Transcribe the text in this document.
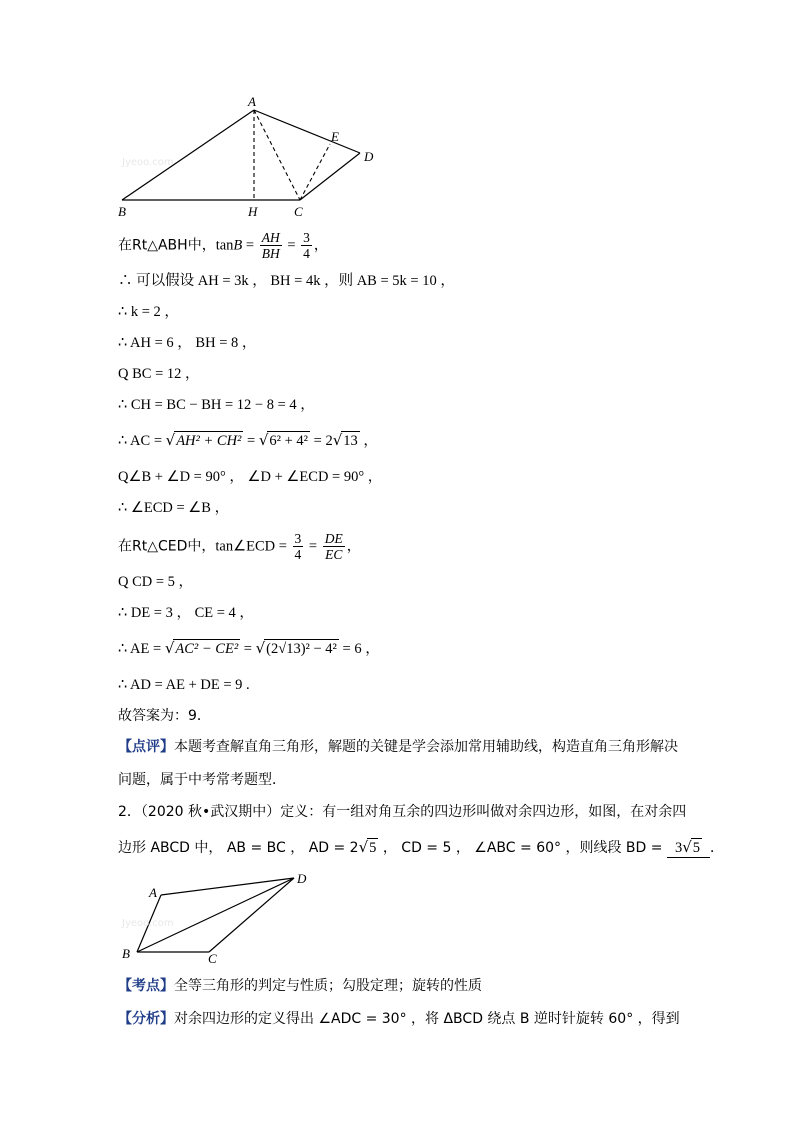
A
B	H	C
D
E
Jyeoo.com
在Rt△ABH中，$\tan B = \frac{AH}{BH} = \frac{3}{4}$ ，
∴ 可以假设 AH = 3k ， BH = 4k ，则 AB = 5k = 10 ，
∴ k = 2 ，
∴ AH = 6 ， BH = 8 ，
Q BC = 12 ，
∴ CH = BC − BH = 12 − 8 = 4 ，
∴ AC = √AH² + CH² = √6² + 4² = 2√13 ，
Q∠B + ∠D = 90° ， ∠D + ∠ECD = 90° ，
∴ ∠ECD = ∠B ，
在Rt△CED中，tan∠ECD = $\frac{3}{4} = \frac{DE}{EC}$ ，
Q CD = 5 ，
∴ DE = 3 ， CE = 4 ，
∴ AE = √AC² − CE² = √(2√13)² − 4² = 6 ，
∴ AD = AE + DE = 9 .
故答案为：9．
【点评】本题考查解直角三角形，解题的关键是学会添加常用辅助线，构造直角三角形解决
问题，属于中考常考题型．
2．（2020 秋•武汉期中）定义：有一组对角互余的四边形叫做对余四边形，如图，在对余四
边形 ABCD 中， AB = BC ， AD = 2√5 ， CD = 5 ， ∠ABC = 60° ，则线段 BD = 3√5 ．
A
B	C
D
Jyeoo.com
【考点】全等三角形的判定与性质；勾股定理；旋转的性质
【分析】对余四边形的定义得出 ∠ADC = 30° ，将 ΔBCD 绕点 B 逆时针旋转 60° ，得到
